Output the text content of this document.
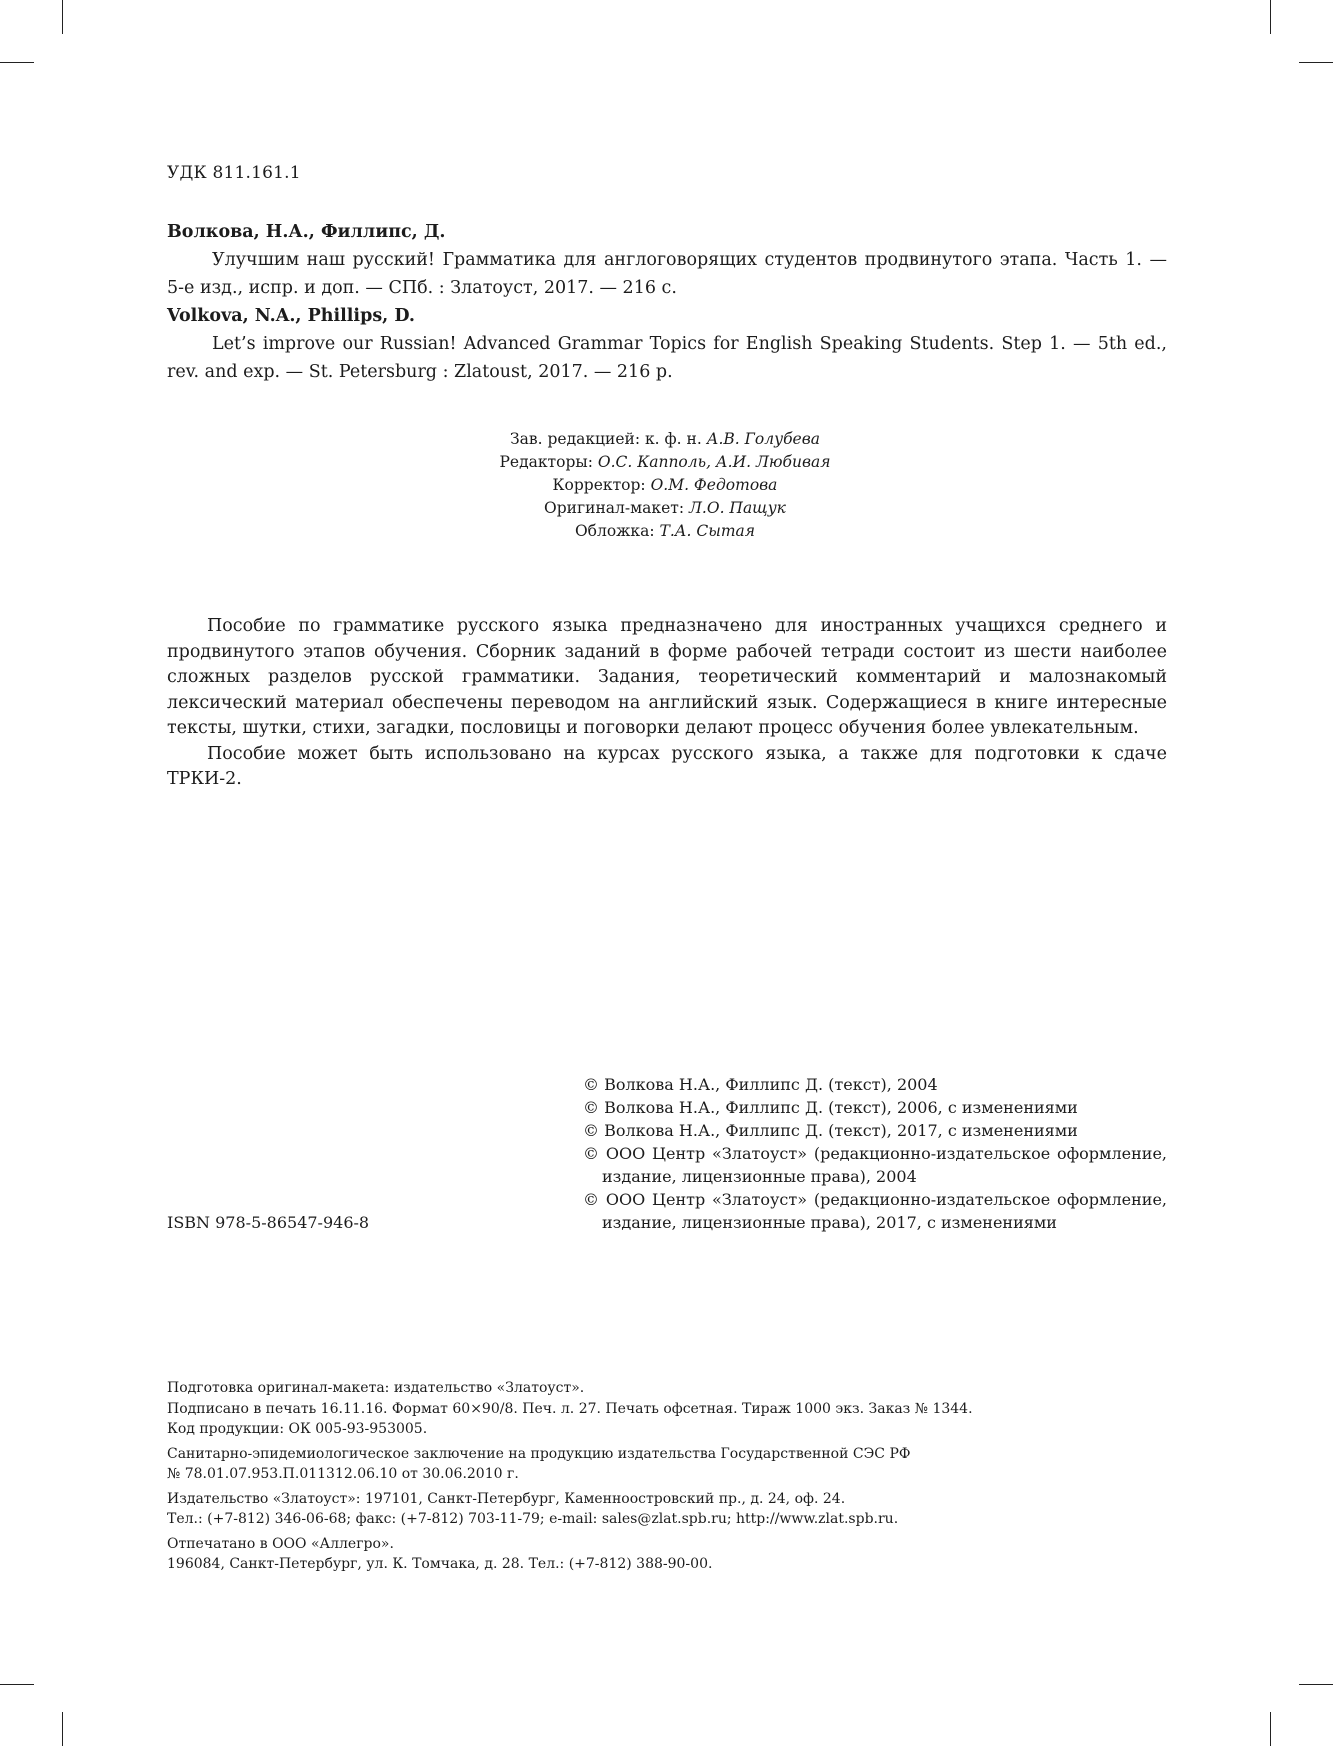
УДК 811.161.1
Волкова, Н.А., Филлипс, Д.
Улучшим наш русский! Грамматика для англоговорящих студентов продвинутого этапа. Часть 1. — 5-е изд., испр. и доп. — СПб. : Златоуст, 2017. — 216 с.
Volkova, N.A., Phillips, D.
Let’s improve our Russian! Advanced Grammar Topics for English Speaking Students. Step 1. — 5th ed., rev. and exp. — St. Petersburg : Zlatoust, 2017. — 216 p.
Зав. редакцией: к. ф. н. А.В. Голубева
Редакторы: О.С. Капполь, А.И. Любивая
Корректор: О.М. Федотова
Оригинал-макет: Л.О. Пащук
Обложка: Т.А. Сытая

Пособие по грамматике русского языка предназначено для иностранных учащихся среднего и продвинутого этапов обучения. Сборник заданий в форме рабочей тетради состоит из шести наиболее сложных разделов русской грамматики. Задания, теоретический комментарий и малознакомый лексический материал обеспечены переводом на английский язык. Содержащиеся в книге интересные тексты, шутки, стихи, загадки, пословицы и поговорки делают процесс обучения более увлекательным.

Пособие может быть использовано на курсах русского языка, а также для подготовки к сдаче ТРКИ-2.

© Волкова Н.А., Филлипс Д. (текст), 2004
© Волкова Н.А., Филлипс Д. (текст), 2006, с изменениями
© Волкова Н.А., Филлипс Д. (текст), 2017, с изменениями
© ООО Центр «Златоуст» (редакционно-издательское оформление, издание, лицензионные права), 2004
© ООО Центр «Златоуст» (редакционно-издательское оформление, издание, лицензионные права), 2017, с изменениями
ISBN 978-5-86547-946-8
Подготовка оригинал-макета: издательство «Златоуст».
Подписано в печать 16.11.16. Формат 60×90/8. Печ. л. 27. Печать офсетная. Тираж 1000 экз. Заказ № 1344.
Код продукции: ОК 005-93-953005.
Санитарно-эпидемиологическое заключение на продукцию издательства Государственной СЭС РФ
№ 78.01.07.953.П.011312.06.10 от 30.06.2010 г.
Издательство «Златоуст»: 197101, Санкт-Петербург, Каменноостровский пр., д. 24, оф. 24.
Тел.: (+7-812) 346-06-68; факс: (+7-812) 703-11-79; e-mail: sales@zlat.spb.ru; http://www.zlat.spb.ru.
Отпечатано в ООО «Аллегро».
196084, Санкт-Петербург, ул. К. Томчака, д. 28. Тел.: (+7-812) 388-90-00.
